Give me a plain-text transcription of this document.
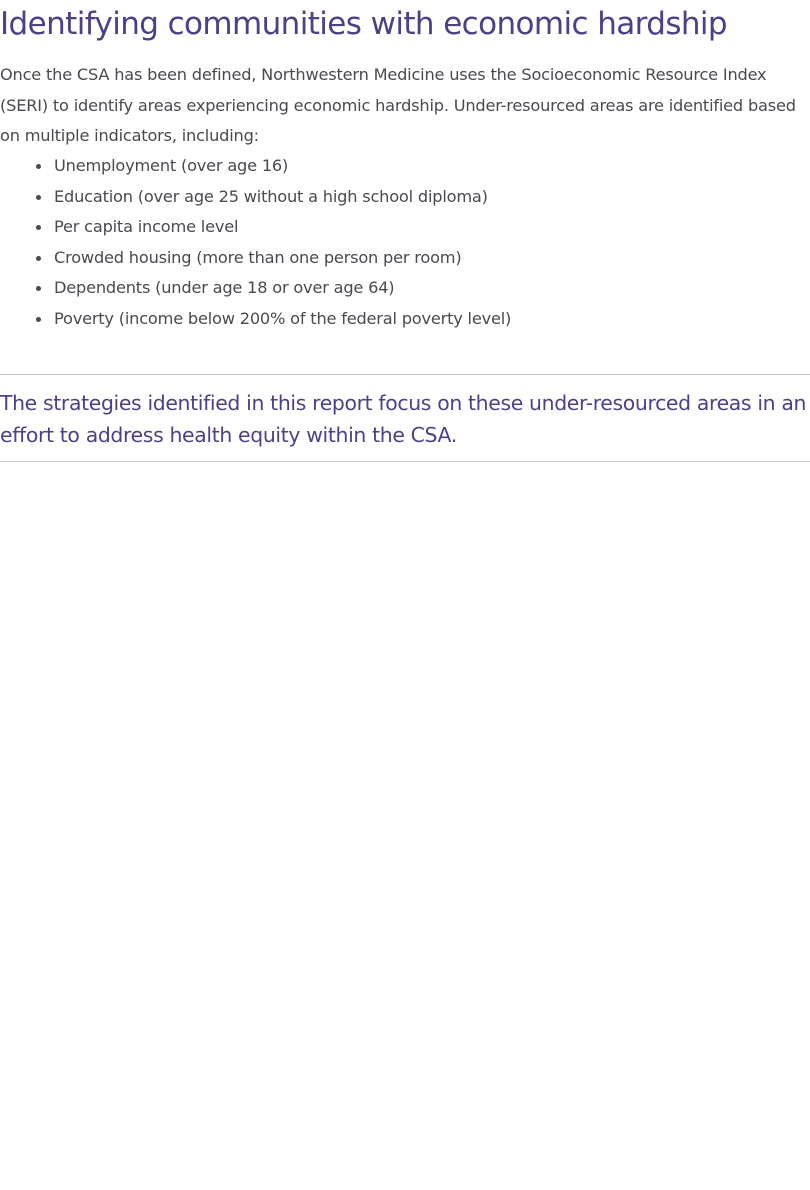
Identifying communities with economic hardship

Once the CSA has been defined, Northwestern Medicine uses the Socioeconomic Resource Index (SERI) to identify areas experiencing economic hardship. Under-resourced areas are identified based on multiple indicators, including:

Unemployment (over age 16)
Education (over age 25 without a high school diploma)
Per capita income level
Crowded housing (more than one person per room)
Dependents (under age 18 or over age 64)
Poverty (income below 200% of the federal poverty level)

The strategies identified in this report focus on these under-resourced areas in an effort to address health equity within the CSA.
